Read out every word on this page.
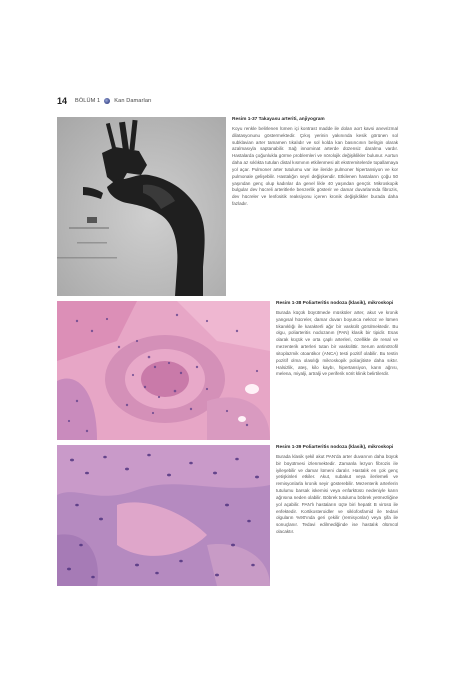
14 BÖLÜM 1	Kan Damarları
Resim 1-37 Takayasu arteriti, anjiyogram
Koyu renkle belirlenen lümen içi kontrast madde ile dolan aort kavsi anevrizmal dilatasyonunu göstermektedir. Çıkış yerinin yakınında kesik görünen sol subklavian arter tamamen tıkalıdır ve sol kolda kan basıncının belirgin olarak azalmasıyla saptanabilir. Sağ innominat arterde düzensiz daralma vardır. Hastalarda çoğunlukla görme problemleri ve nörolojik değişiklikler bulunur. Aortun daha az sıklıkta tutulan distal kısmının etkilenmesi alt ekstremitelerde topallamaya yol açar. Pulmoner arter tutulumu var ise ileride pulmoner hipertansiyon ve kor pulmonale gelişebilir. Hastalığın seyri değişkendir. Etkilenen hastaların çoğu 50 yaşından genç olup kadınlar da genel likle 40 yaşından gençtir. Mikroskopik bulgular dev hücreli arteritlerle benzerlik gösterir ve damar duvarlarında fibrozis, dev hücreler ve lenfositik reaksiyonu içeren kronik değişiklikler burada daha fazladır.
Resim 1-38 Poliarteritis nodoza (klasik), mikroskopi
Burada küçük büyütmede müsküler arter, akut ve kronik yangısal hücreler, damar duvarı boyunca nekroz ve lümen tıkanıklığı ile karakterli ağır bir vaskülit görülmektedir. Bu olgu, poliarteritis nodozanın (PAN) klasik bir tipidir. Esas olarak küçük ve orta çaplı arterleri, özellikle de renal ve mezenterik arterleri tutan bir vaskülittir. Serum antinötrofil sitoplazmik otoantikor (ANCA) testi pozitif olabilir. Bu testin pozitif olma olasılığı mikroskopik poliarjitiste daha sıktır. Halsizlik, ateş, kilo kaybı, hipertansiyon, karın ağrısı, melena, miyalji, artralji ve periferik nörit klinik belirtilerdir.
Resim 1-39 Poliarteritis nodoza (klasik), mikroskopi
Burada klasik şekil akut PAN'da arter duvarının daha büyük bir büyütmesi izlenmektedir. Zamanla lezyon fibrozis ile iyileşebilir ve damar lümeni daralır. Hastalık en çok genç yetişkinleri etkiler. Akut, subakut veya ilerlemeli ve remisyonlarla kronik seyir gösterebilir. Mezenterik arterlerin tutulumu barsak iskemisi veya enfarktüsü nedeniyle karın ağrısına neden olabilir. Böbrek tutulumu böbrek yetmezliğine yol açabilir. PAN'lı hastaların üçte biri hepatit B virüsü ile enfektedir. Kortikosteroidler ve siklofosfamid ile tedavi olguların %90'ında geri çekilir (remisyonlar) veya şifa ile sonuçlanır. Tedavi edilmediğinde ise hastalık ölümcül olacaktır.
